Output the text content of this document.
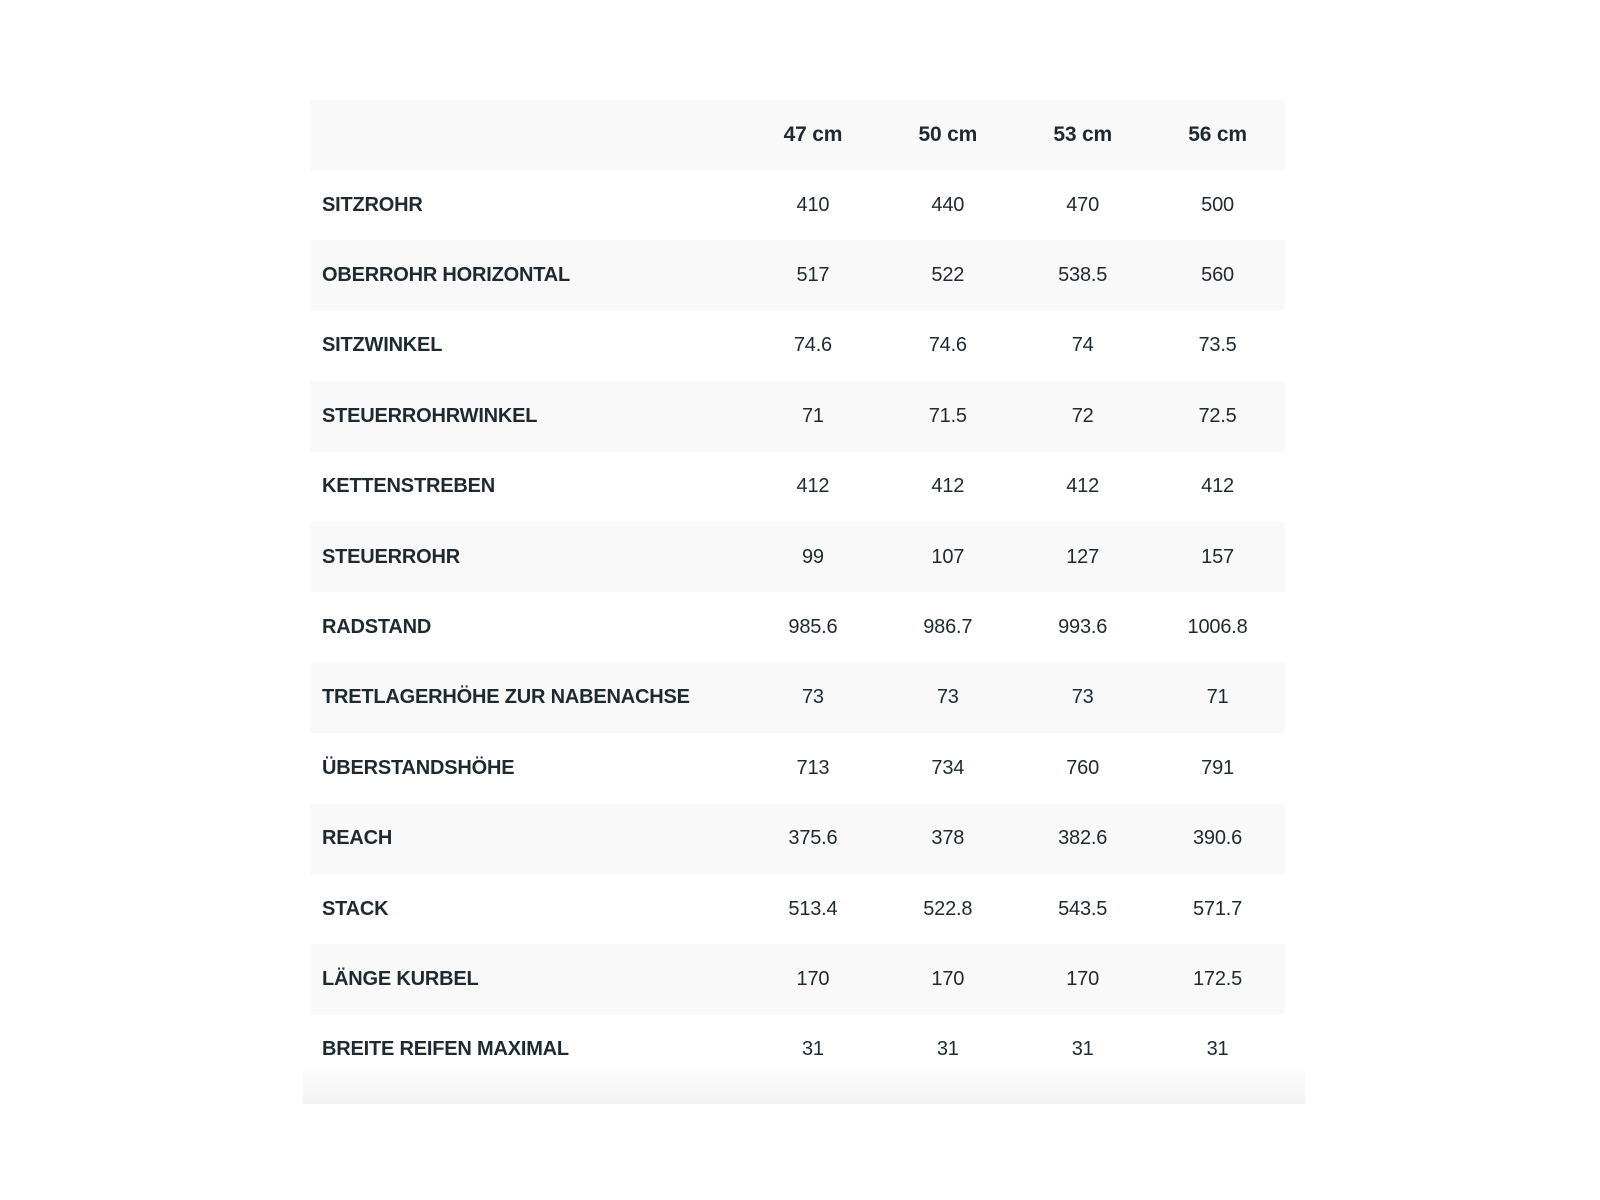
	47 cm	50 cm	53 cm	56 cm
SITZROHR	410	440	470	500
OBERROHR HORIZONTAL	517	522	538.5	560
SITZWINKEL	74.6	74.6	74	73.5
STEUERROHRWINKEL	71	71.5	72	72.5
KETTENSTREBEN	412	412	412	412
STEUERROHR	99	107	127	157
RADSTAND	985.6	986.7	993.6	1006.8
TRETLAGERHÖHE ZUR NABENACHSE	73	73	73	71
ÜBERSTANDSHÖHE	713	734	760	791
REACH	375.6	378	382.6	390.6
STACK	513.4	522.8	543.5	571.7
LÄNGE KURBEL	170	170	170	172.5
BREITE REIFEN MAXIMAL	31	31	31	31
